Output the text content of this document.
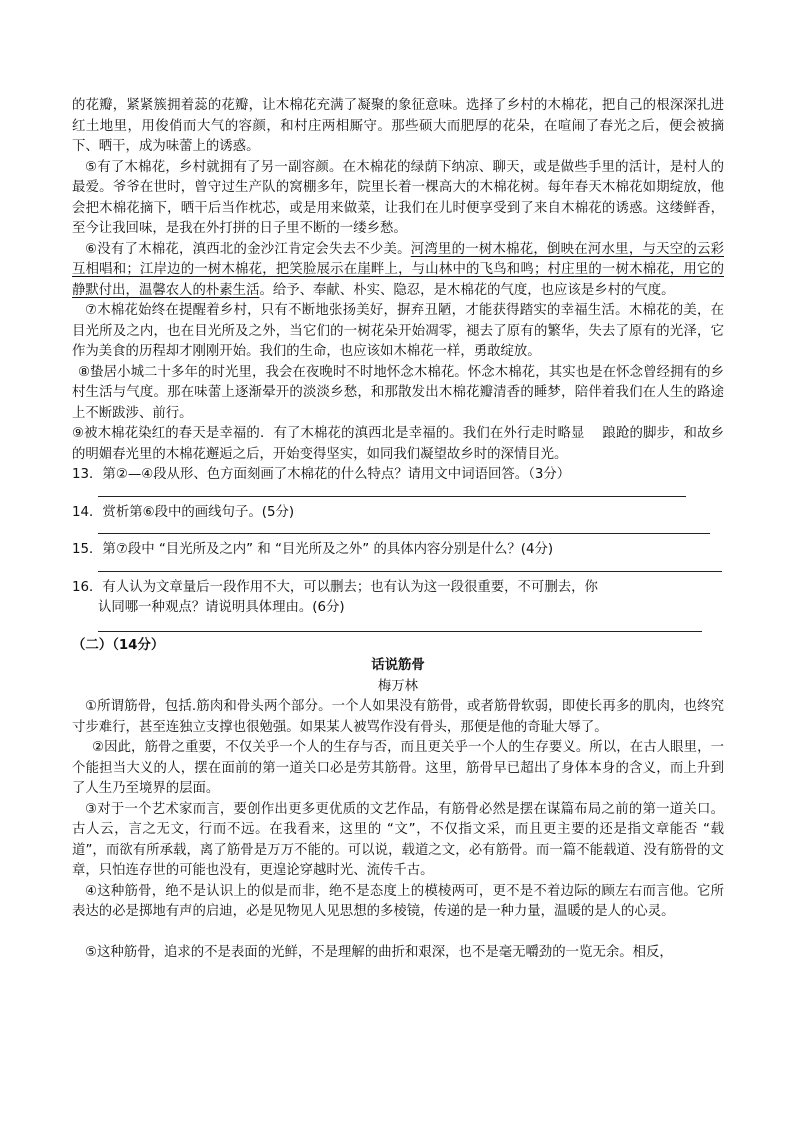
的花瓣，紧紧簇拥着蕊的花瓣，让木棉花充满了凝聚的象征意味。选择了乡村的木棉花，把自己的根深深扎进红土地里，用俊俏而大气的容颜，和村庄两相厮守。那些硕大而肥厚的花朵，在喧闹了春光之后，便会被摘下、晒干，成为味蕾上的诱惑。

⑤有了木棉花，乡村就拥有了另一副容颜。在木棉花的绿荫下纳凉、聊天，或是做些手里的活计，是村人的最爱。爷爷在世时，曾守过生产队的窝棚多年，院里长着一棵高大的木棉花树。每年春天木棉花如期绽放，他会把木棉花摘下，晒干后当作枕芯，或是用来做菜，让我们在儿时便享受到了来自木棉花的诱惑。这缕鲜香，至今让我回味，是我在外打拼的日子里不断的一缕乡愁。

⑥没有了木棉花，滇西北的金沙江肯定会失去不少美。河湾里的一树木棉花，倒映在河水里，与天空的云彩互相唱和；江岸边的一树木棉花，把笑脸展示在崖畔上，与山林中的飞鸟和鸣；村庄里的一树木棉花，用它的静默付出，温馨农人的朴素生活。给予、奉献、朴实、隐忍，是木棉花的气度，也应该是乡村的气度。

⑦木棉花始终在提醒着乡村，只有不断地张扬美好，摒弃丑陋，才能获得踏实的幸福生活。木棉花的美，在目光所及之内，也在目光所及之外，当它们的一树花朵开始凋零，褪去了原有的繁华，失去了原有的光泽，它作为美食的历程却才刚刚开始。我们的生命，也应该如木棉花一样，勇敢绽放。

⑧蛰居小城二十多年的时光里，我会在夜晚时不时地怀念木棉花。怀念木棉花，其实也是在怀念曾经拥有的乡村生活与气度。那在味蕾上逐渐晕开的淡淡乡愁，和那散发出木棉花瓣清香的睡梦，陪伴着我们在人生的路途上不断跋涉、前行。

⑨被木棉花染红的春天是幸福的．有了木棉花的滇西北是幸福的。我们在外行走时略显　 踉跄的脚步，和故乡的明媚春光里的木棉花邂逅之后，开始变得坚实，如同我们凝望故乡时的深情目光。

13．第②—④段从形、色方面刻画了木棉花的什么特点？请用文中词语回答。（3分）

14．赏析第⑥段中的画线句子。(5分)

15．第⑦段中 “目光所及之内” 和 “目光所及之外” 的具体内容分别是什么？(4分)

16．有人认为文章量后一段作用不大，可以删去；也有认为这一段很重要，不可删去，你

认同哪一种观点？请说明具体理由。(6分)

（二）（14分）

话说筋骨

梅万林

①所谓筋骨，包括.筋肉和骨头两个部分。一个人如果没有筋骨，或者筋骨软弱，即使长再多的肌肉，也终究寸步难行，甚至连独立支撑也很勉强。如果某人被骂作没有骨头，那便是他的奇耻大辱了。

②因此，筋骨之重要，不仅关乎一个人的生存与否，而且更关乎一个人的生存要义。所以，在古人眼里，一个能担当大义的人，摆在面前的第一道关口必是劳其筋骨。这里，筋骨早已超出了身体本身的含义，而上升到了人生乃至境界的层面。

③对于一个艺术家而言，要创作出更多更优质的文艺作品，有筋骨必然是摆在谋篇布局之前的第一道关口。古人云，言之无文，行而不远。在我看来，这里的 “文”，不仅指文采，而且更主要的还是指文章能否 “载道”，而欲有所承载，离了筋骨是万万不能的。可以说，载道之文，必有筋骨。而一篇不能载道、没有筋骨的文章，只怕连存世的可能也没有，更遑论穿越时光、流传千古。

④这种筋骨，绝不是认识上的似是而非，绝不是态度上的模棱两可，更不是不着边际的顾左右而言他。它所表达的必是掷地有声的启迪，必是见物见人见思想的多棱镜，传递的是一种力量，温暖的是人的心灵。

⑤这种筋骨，追求的不是表面的光鲜，不是理解的曲折和艰深，也不是毫无嚼劲的一览无余。相反，
